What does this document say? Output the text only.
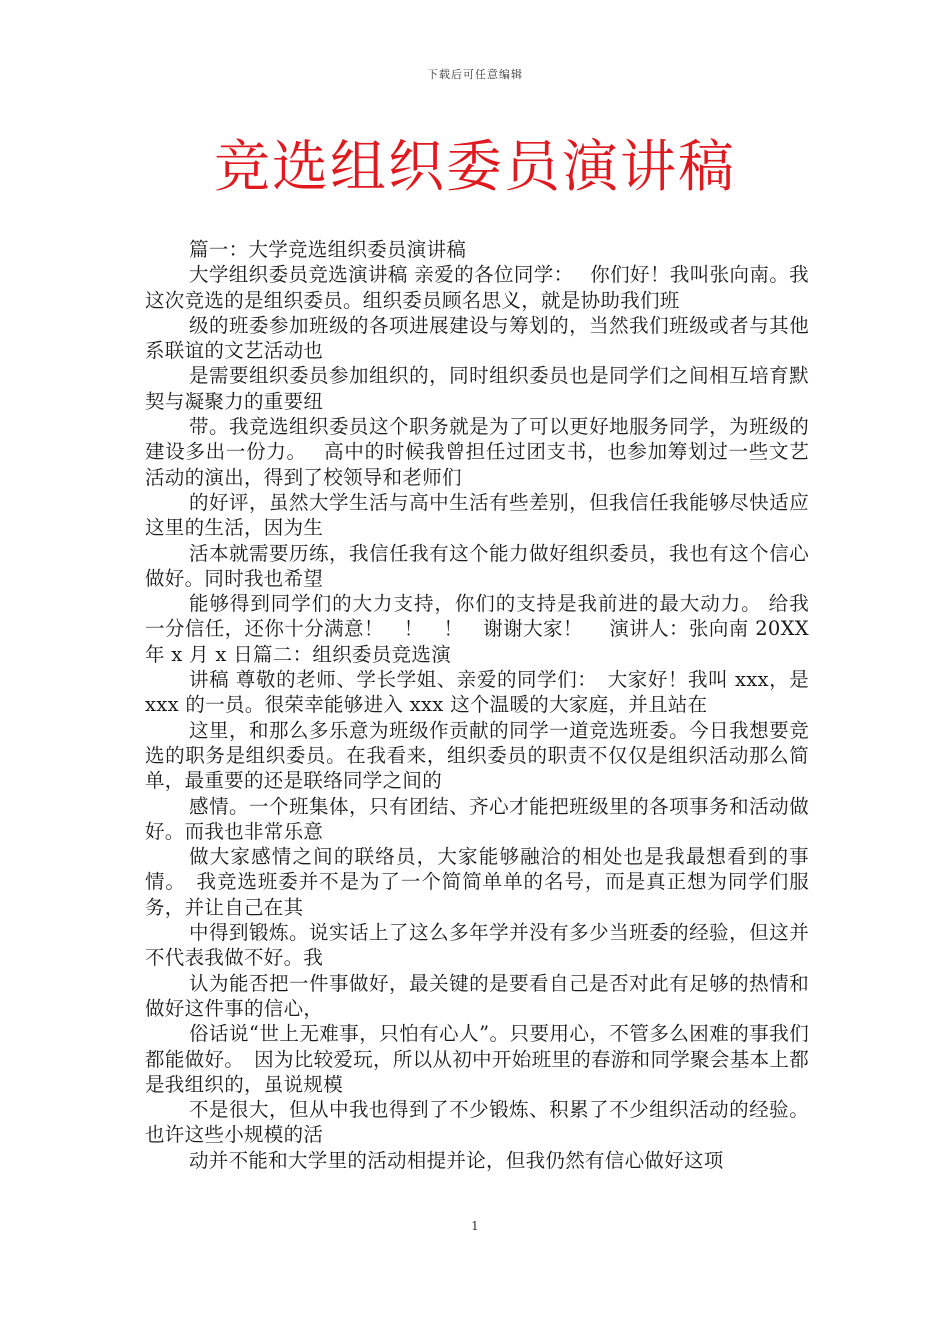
下载后可任意编辑
竞选组织委员演讲稿

篇一：大学竞选组织委员演讲稿

大学组织委员竞选演讲稿 亲爱的各位同学：　 你们好！我叫张向南。我这次竞选的是组织委员。组织委员顾名思义，就是协助我们班

级的班委参加班级的各项进展建设与筹划的，当然我们班级或者与其他系联谊的文艺活动也

是需要组织委员参加组织的，同时组织委员也是同学们之间相互培育默契与凝聚力的重要纽

带。我竞选组织委员这个职务就是为了可以更好地服务同学，为班级的建设多出一份力。　 高中的时候我曾担任过团支书，也参加筹划过一些文艺活动的演出，得到了校领导和老师们

的好评，虽然大学生活与高中生活有些差别，但我信任我能够尽快适应这里的生活，因为生

活本就需要历练，我信任我有这个能力做好组织委员，我也有这个信心做好。同时我也希望

能够得到同学们的大力支持，你们的支持是我前进的最大动力。 给我一分信任，还你十分满意！　！　！　谢谢大家！　 演讲人：张向南 20XX 年 x 月 x 日篇二：组织委员竞选演

讲稿 尊敬的老师、学长学姐、亲爱的同学们：　大家好！我叫 xxx，是 xxx 的一员。很荣幸能够进入 xxx 这个温暖的大家庭，并且站在

这里，和那么多乐意为班级作贡献的同学一道竞选班委。今日我想要竞选的职务是组织委员。在我看来，组织委员的职责不仅仅是组织活动那么简单，最重要的还是联络同学之间的

感情。一个班集体，只有团结、齐心才能把班级里的各项事务和活动做好。而我也非常乐意

做大家感情之间的联络员，大家能够融洽的相处也是我最想看到的事情。　我竞选班委并不是为了一个简简单单的名号，而是真正想为同学们服务，并让自己在其

中得到锻炼。说实话上了这么多年学并没有多少当班委的经验，但这并不代表我做不好。我

认为能否把一件事做好，最关键的是要看自己是否对此有足够的热情和做好这件事的信心，

俗话说“世上无难事，只怕有心人”。只要用心，不管多么困难的事我们都能做好。　因为比较爱玩，所以从初中开始班里的春游和同学聚会基本上都是我组织的，虽说规模

不是很大，但从中我也得到了不少锻炼、积累了不少组织活动的经验。也许这些小规模的活

动并不能和大学里的活动相提并论，但我仍然有信心做好这项

1
